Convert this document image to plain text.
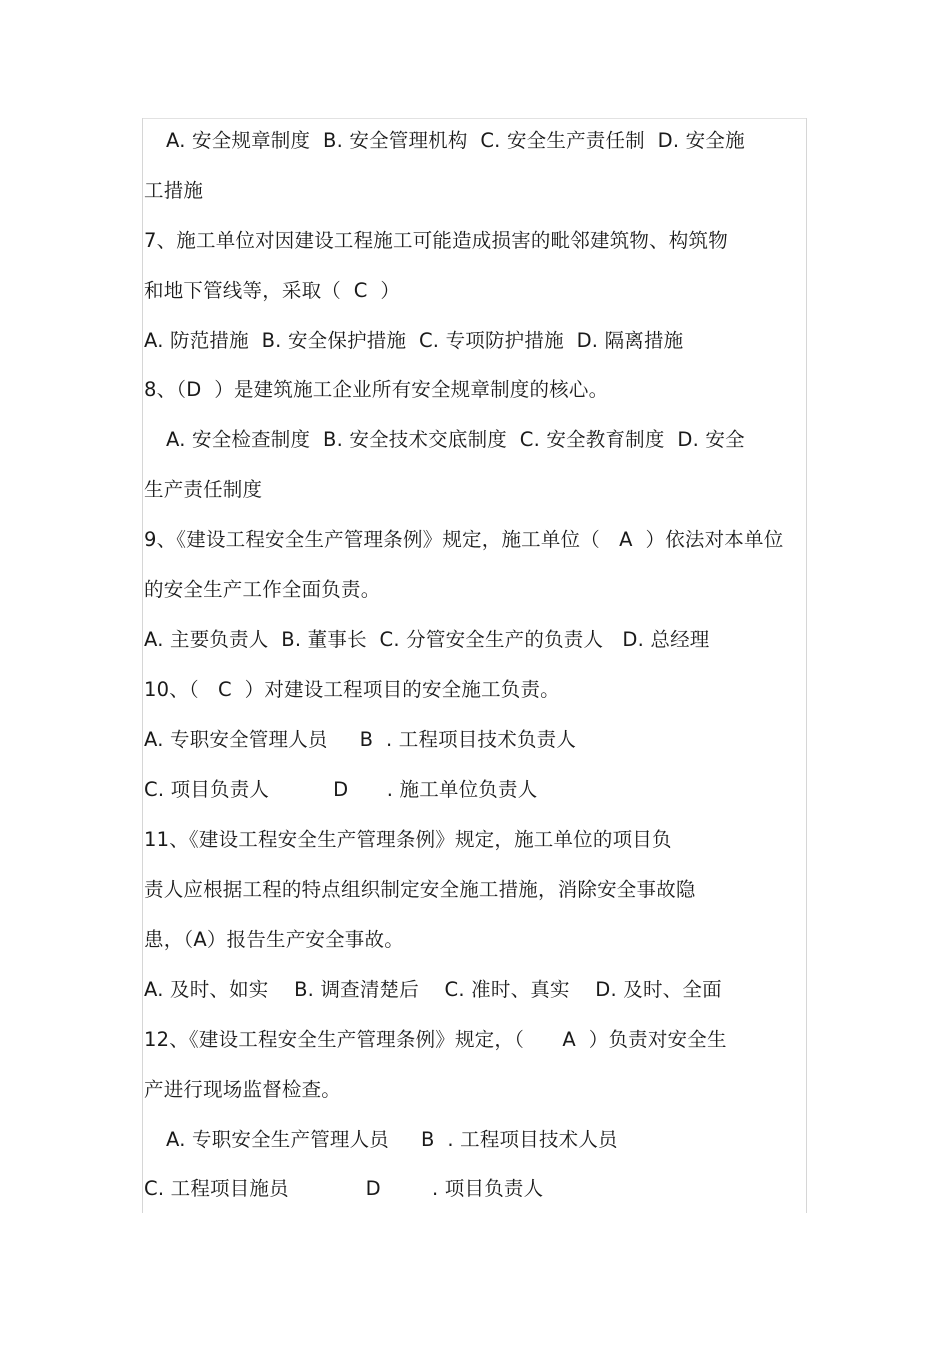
A. 安全规章制度  B. 安全管理机构  C. 安全生产责任制  D. 安全施
工措施
7、施工单位对因建设工程施工可能造成损害的毗邻建筑物、构筑物
和地下管线等，采取（  C  ）
A. 防范措施  B. 安全保护措施  C. 专项防护措施  D. 隔离措施
8、（D  ）是建筑施工企业所有安全规章制度的核心。
A. 安全检查制度  B. 安全技术交底制度  C. 安全教育制度  D. 安全
生产责任制度
9、《建设工程安全生产管理条例》规定，施工单位（   A  ）依法对本单位
的安全生产工作全面负责。
A. 主要负责人  B. 董事长  C. 分管安全生产的负责人   D. 总经理
10、（   C  ）对建设工程项目的安全施工负责。
A. 专职安全管理人员     B  . 工程项目技术负责人
C. 项目负责人          D      . 施工单位负责人
11、《建设工程安全生产管理条例》规定，施工单位的项目负
责人应根据工程的特点组织制定安全施工措施，消除安全事故隐
患，（A）报告生产安全事故。
A. 及时、如实    B. 调查清楚后    C. 准时、真实    D. 及时、全面
12、《建设工程安全生产管理条例》规定，（      A  ）负责对安全生
产进行现场监督检查。
A. 专职安全生产管理人员     B  . 工程项目技术人员
C. 工程项目施员            D        . 项目负责人
